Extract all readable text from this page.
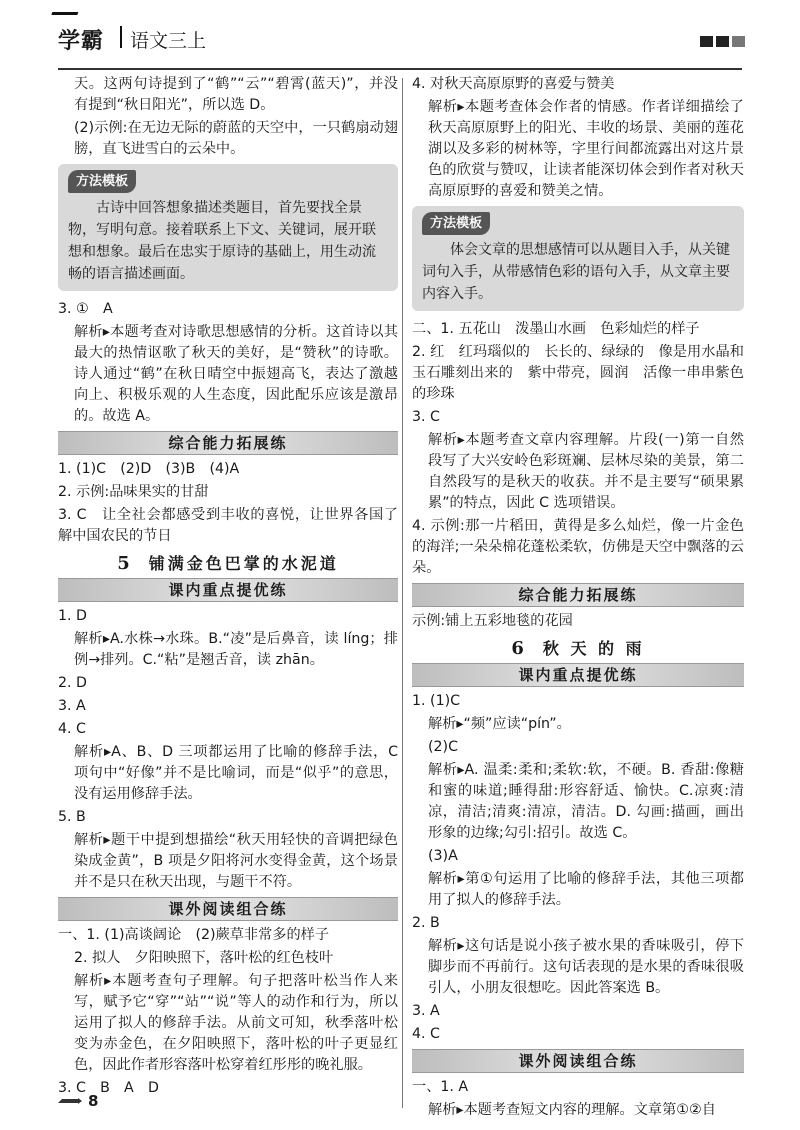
学霸 语文三上

天。这两句诗提到了“鹤”“云”“碧霄(蓝天)”，并没有提到“秋日阳光”，所以选 D。

(2)示例:在无边无际的蔚蓝的天空中，一只鹤扇动翅膀，直飞进雪白的云朵中。

方法模板
古诗中回答想象描述类题目，首先要找全景物，写明句意。接着联系上下文、关键词，展开联想和想象。最后在忠实于原诗的基础上，用生动流畅的语言描述画面。

3. ①　A

解析▸本题考查对诗歌思想感情的分析。这首诗以其最大的热情讴歌了秋天的美好，是“赞秋”的诗歌。诗人通过“鹤”在秋日晴空中振翅高飞，表达了激越向上、积极乐观的人生态度，因此配乐应该是激昂的。故选 A。

综合能力拓展练

1. (1)C　(2)D　(3)B　(4)A

2. 示例:品味果实的甘甜

3. C　让全社会都感受到丰收的喜悦，让世界各国了解中国农民的节日

5 铺满金色巴掌的水泥道
课内重点提优练

1. D

解析▸A.水株→水珠。B.“凌”是后鼻音，读 líng；排例→排列。C.“粘”是翘舌音，读 zhān。

2. D

3. A

4. C

解析▸A、B、D 三项都运用了比喻的修辞手法，C 项句中“好像”并不是比喻词，而是“似乎”的意思，没有运用修辞手法。

5. B

解析▸题干中提到想描绘“秋天用轻快的音调把绿色染成金黄”，B 项是夕阳将河水变得金黄，这个场景并不是只在秋天出现，与题干不符。

课外阅读组合练

一、1. (1)高谈阔论　(2)蕨草非常多的样子

2. 拟人　夕阳映照下，落叶松的红色枝叶

解析▸本题考查句子理解。句子把落叶松当作人来写，赋予它“穿”“站”“说”等人的动作和行为，所以运用了拟人的修辞手法。从前文可知，秋季落叶松变为赤金色，在夕阳映照下，落叶松的叶子更显红色，因此作者形容落叶松穿着红彤彤的晚礼服。

3. C　B　A　D

4. 对秋天高原原野的喜爱与赞美

解析▸本题考查体会作者的情感。作者详细描绘了秋天高原原野上的阳光、丰收的场景、美丽的莲花湖以及多彩的树林等，字里行间都流露出对这片景色的欣赏与赞叹，让读者能深切体会到作者对秋天高原原野的喜爱和赞美之情。

方法模板
体会文章的思想感情可以从题目入手，从关键词句入手，从带感情色彩的语句入手，从文章主要内容入手。

二、1. 五花山　泼墨山水画　色彩灿烂的样子

2. 红　红玛瑙似的　长长的、绿绿的　像是用水晶和玉石雕刻出来的　紫中带亮，圆润　活像一串串紫色的珍珠

3. C

解析▸本题考查文章内容理解。片段(一)第一自然段写了大兴安岭色彩斑斓、层林尽染的美景，第二自然段写的是秋天的收获。并不是主要写“硕果累累”的特点，因此 C 选项错误。

4. 示例:那一片稻田，黄得是多么灿烂，像一片金色的海洋;一朵朵棉花蓬松柔软，仿佛是天空中飘落的云朵。

综合能力拓展练

示例:铺上五彩地毯的花园

6 秋 天 的 雨
课内重点提优练

1. (1)C

解析▸“频”应读“pín”。

(2)C

解析▸A. 温柔:柔和;柔软:软，不硬。B. 香甜:像糖和蜜的味道;睡得甜:形容舒适、愉快。C.凉爽:清凉，清洁;清爽:清凉，清洁。D. 勾画:描画，画出形象的边缘;勾引:招引。故选 C。

(3)A

解析▸第①句运用了比喻的修辞手法，其他三项都用了拟人的修辞手法。

2. B

解析▸这句话是说小孩子被水果的香味吸引，停下脚步而不再前行。这句话表现的是水果的香味很吸引人，小朋友很想吃。因此答案选 B。

3. A

4. C

课外阅读组合练

一、1. A

解析▸本题考查短文内容的理解。文章第①②自

8
